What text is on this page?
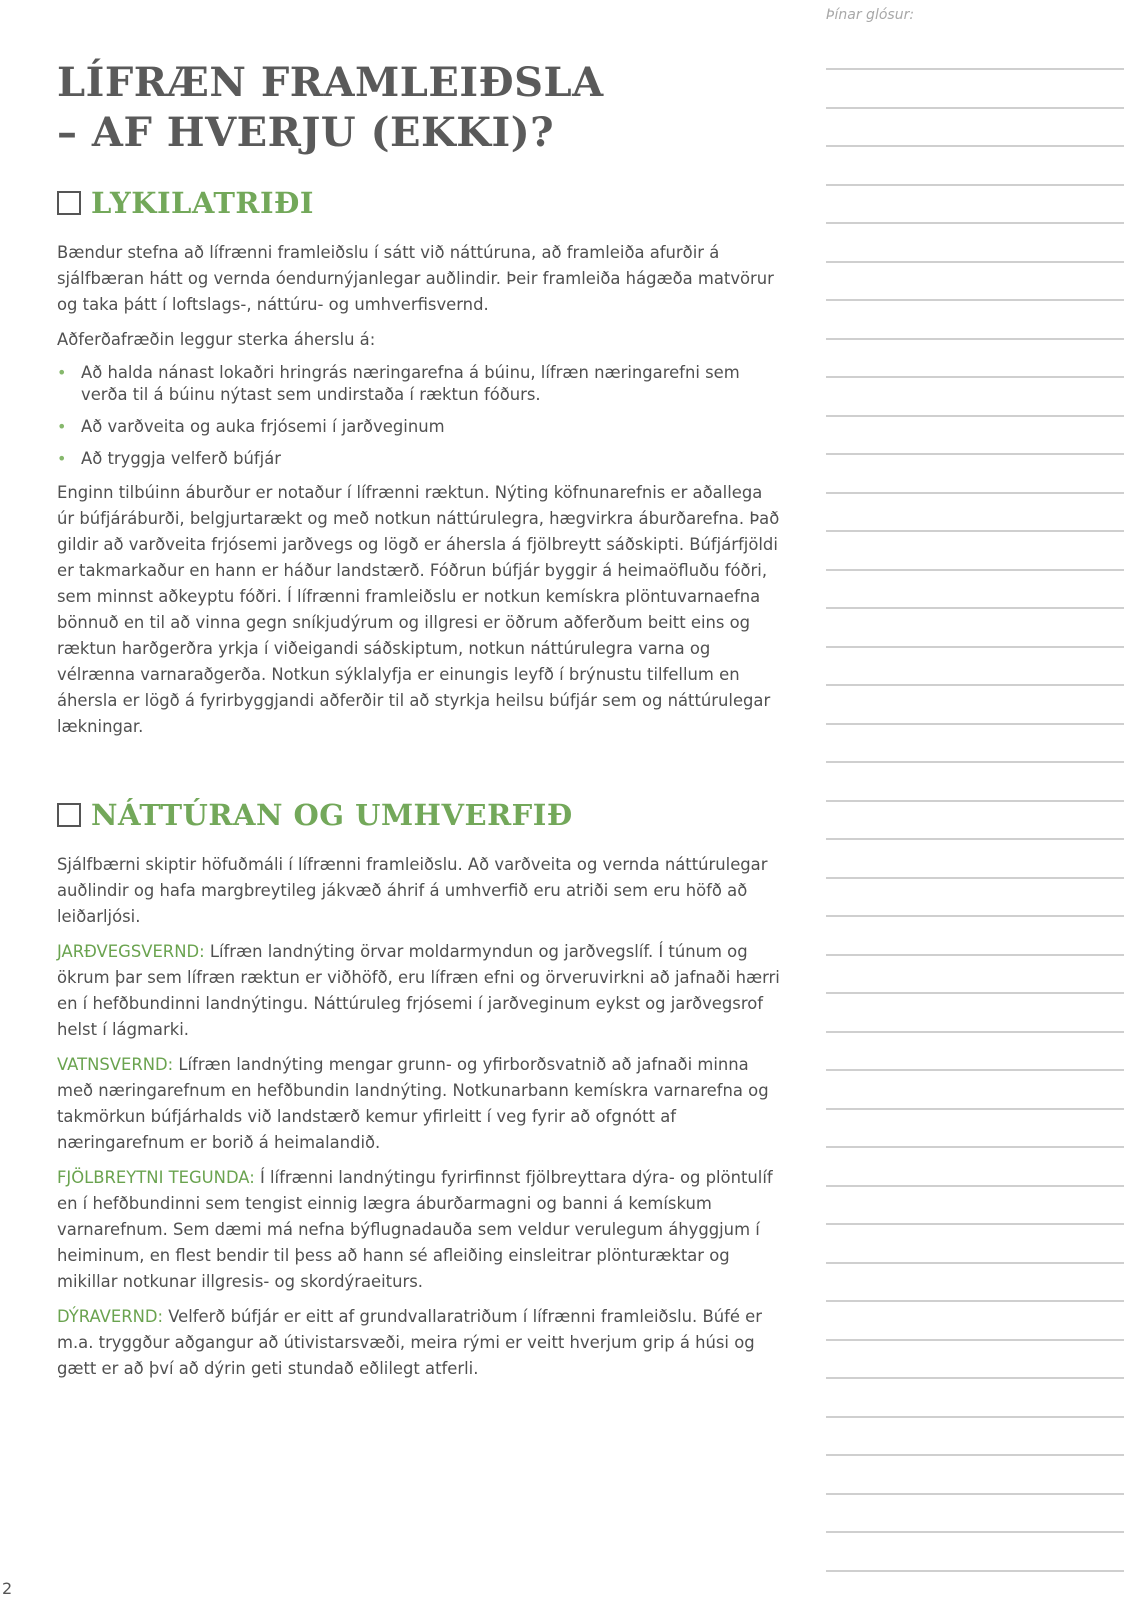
LÍFRÆN FRAMLEIÐSLA
– AF HVERJU (EKKI)?
LYKILATRIÐI

Bændur stefna að lífrænni framleiðslu í sátt við náttúruna, að framleiða afurðir á sjálfbæran hátt og vernda óendurnýjanlegar auðlindir. Þeir framleiða hágæða matvörur og taka þátt í loftslags-, náttúru- og umhverfisvernd.

Aðferðafræðin leggur sterka áherslu á:

• Að halda nánast lokaðri hringrás næringarefna á búinu, lífræn næringarefni sem verða til á búinu nýtast sem undirstaða í ræktun fóðurs.
• Að varðveita og auka frjósemi í jarðveginum
• Að tryggja velferð búfjár

Enginn tilbúinn áburður er notaður í lífrænni ræktun. Nýting köfnunarefnis er aðallega úr búfjáráburði, belgjurtarækt og með notkun náttúrulegra, hægvirkra áburðarefna. Það gildir að varðveita frjósemi jarðvegs og lögð er áhersla á fjölbreytt sáðskipti. Búfjárfjöldi er takmarkaður en hann er háður landstærð. Fóðrun búfjár byggir á heimaöfluðu fóðri, sem minnst aðkeyptu fóðri. Í lífrænni framleiðslu er notkun kemískra plöntuvarnaefna bönnuð en til að vinna gegn sníkjudýrum og illgresi er öðrum aðferðum beitt eins og ræktun harðgerðra yrkja í viðeigandi sáðskiptum, notkun náttúrulegra varna og vélrænna varnaraðgerða. Notkun sýklalyfja er einungis leyfð í brýnustu tilfellum en áhersla er lögð á fyrirbyggjandi aðferðir til að styrkja heilsu búfjár sem og náttúrulegar lækningar.

NÁTTÚRAN OG UMHVERFIÐ

Sjálfbærni skiptir höfuðmáli í lífrænni framleiðslu. Að varðveita og vernda náttúrulegar auðlindir og hafa margbreytileg jákvæð áhrif á umhverfið eru atriði sem eru höfð að leiðarljósi.

JARÐVEGSVERND: Lífræn landnýting örvar moldarmyndun og jarðvegslíf. Í túnum og ökrum þar sem lífræn ræktun er viðhöfð, eru lífræn efni og örveruvirkni að jafnaði hærri en í hefðbundinni landnýtingu. Náttúruleg frjósemi í jarðveginum eykst og jarðvegsrof helst í lágmarki.

VATNSVERND: Lífræn landnýting mengar grunn- og yfirborðsvatnið að jafnaði minna með næringarefnum en hefðbundin landnýting. Notkunarbann kemískra varnarefna og takmörkun búfjárhalds við landstærð kemur yfirleitt í veg fyrir að ofgnótt af næringarefnum er borið á heimalandið.

FJÖLBREYTNI TEGUNDA: Í lífrænni landnýtingu fyrirfinnst fjölbreyttara dýra- og plöntulíf en í hefðbundinni sem tengist einnig lægra áburðarmagni og banni á kemískum varnarefnum. Sem dæmi má nefna býflugnadauða sem veldur verulegum áhyggjum í heiminum, en flest bendir til þess að hann sé afleiðing einsleitrar plönturæktar og mikillar notkunar illgresis- og skordýraeiturs.

DÝRAVERND: Velferð búfjár er eitt af grundvallaratriðum í lífrænni framleiðslu. Búfé er m.a. tryggður aðgangur að útivistarsvæði, meira rými er veitt hverjum grip á húsi og gætt er að því að dýrin geti stundað eðlilegt atferli.

Þínar glósur:
2
